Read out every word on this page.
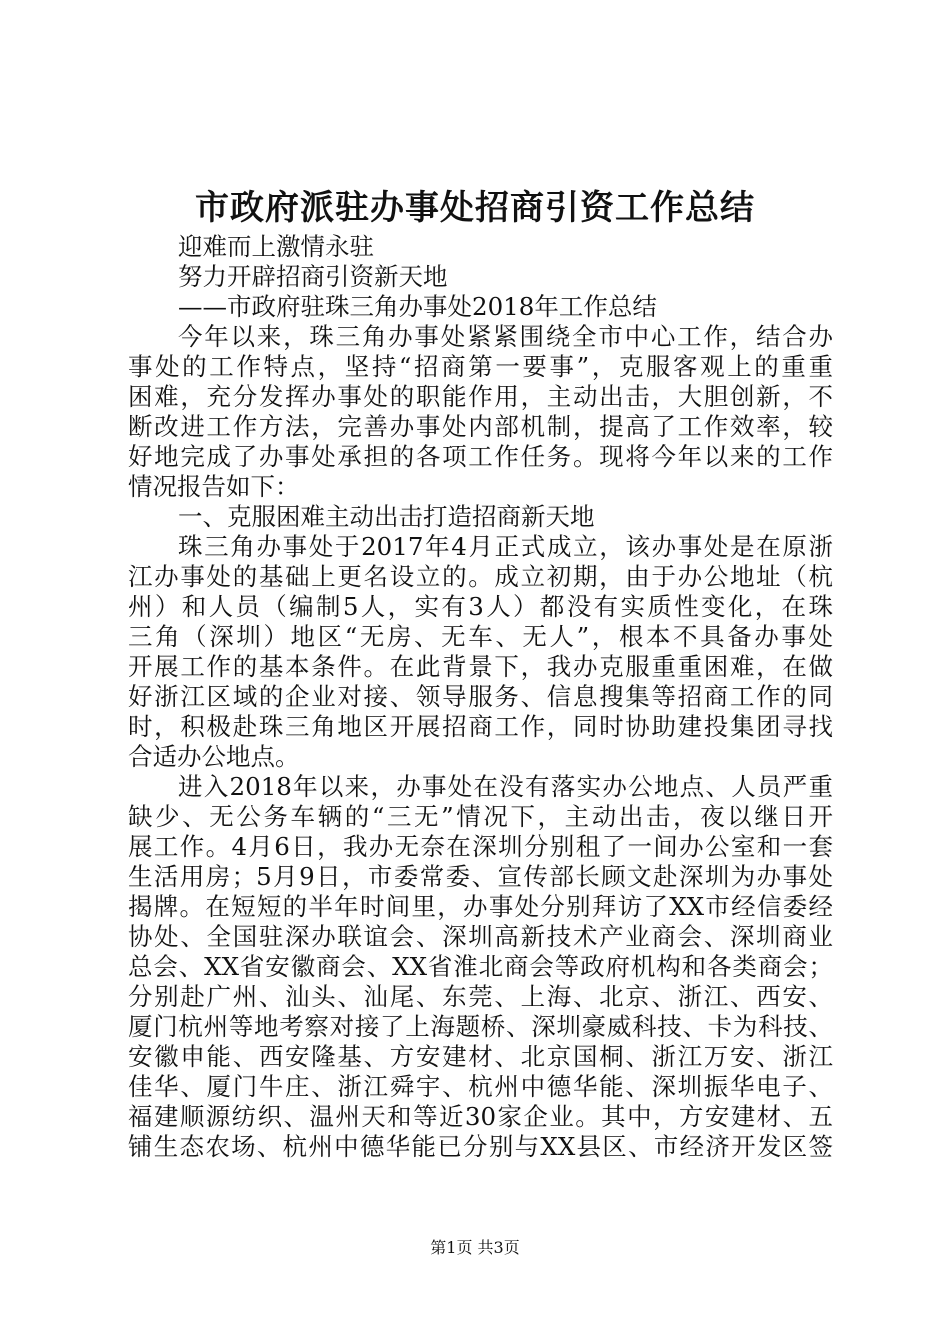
市政府派驻办事处招商引资工作总结
迎难而上激情永驻
努力开辟招商引资新天地
——市政府驻珠三角办事处2018年工作总结
今年以来，珠三角办事处紧紧围绕全市中心工作，结合办
事处的工作特点，坚持“招商第一要事”，克服客观上的重重
困难，充分发挥办事处的职能作用，主动出击，大胆创新，不
断改进工作方法，完善办事处内部机制，提高了工作效率，较
好地完成了办事处承担的各项工作任务。现将今年以来的工作
情况报告如下：
一、克服困难主动出击打造招商新天地
珠三角办事处于2017年4月正式成立，该办事处是在原浙
江办事处的基础上更名设立的。成立初期，由于办公地址（杭
州）和人员（编制5人，实有3人）都没有实质性变化，在珠
三角（深圳）地区“无房、无车、无人”，根本不具备办事处
开展工作的基本条件。在此背景下，我办克服重重困难，在做
好浙江区域的企业对接、领导服务、信息搜集等招商工作的同
时，积极赴珠三角地区开展招商工作，同时协助建投集团寻找
合适办公地点。
进入2018年以来，办事处在没有落实办公地点、人员严重
缺少、无公务车辆的“三无”情况下，主动出击，夜以继日开
展工作。4月6日，我办无奈在深圳分别租了一间办公室和一套
生活用房；5月9日，市委常委、宣传部长顾文赴深圳为办事处
揭牌。在短短的半年时间里，办事处分别拜访了XX市经信委经
协处、全国驻深办联谊会、深圳高新技术产业商会、深圳商业
总会、XX省安徽商会、XX省淮北商会等政府机构和各类商会；
分别赴广州、汕头、汕尾、东莞、上海、北京、浙江、西安、
厦门杭州等地考察对接了上海题桥、深圳豪威科技、卡为科技、
安徽申能、西安隆基、方安建材、北京国桐、浙江万安、浙江
佳华、厦门牛庄、浙江舜宇、杭州中德华能、深圳振华电子、
福建顺源纺织、温州天和等近30家企业。其中，方安建材、五
铺生态农场、杭州中德华能已分别与XX县区、市经济开发区签
第1页 共3页
